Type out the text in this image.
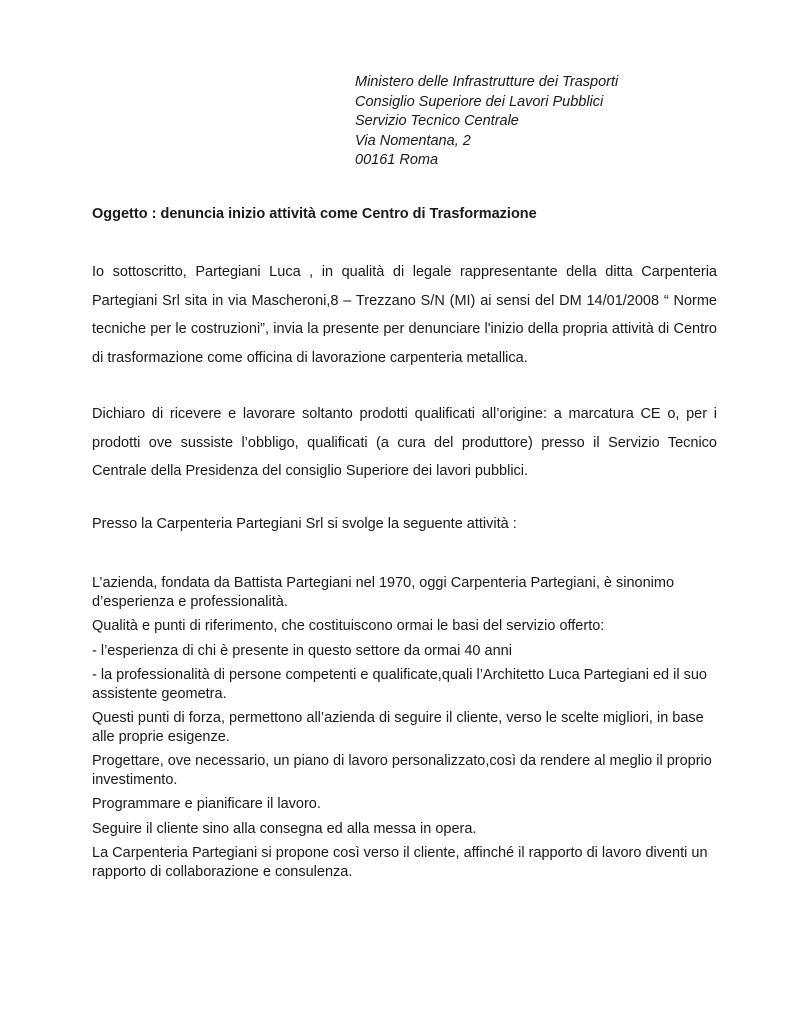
Ministero delle Infrastrutture dei Trasporti
Consiglio Superiore dei Lavori Pubblici
Servizio Tecnico Centrale
Via Nomentana, 2
00161 Roma
Oggetto : denuncia inizio attività come Centro di Trasformazione
Io sottoscritto, Partegiani Luca , in qualità di legale rappresentante della ditta Carpenteria Partegiani Srl sita in via Mascheroni,8 – Trezzano S/N (MI) ai sensi del DM 14/01/2008 “ Norme tecniche per le costruzioni”, invia la presente per denunciare l'inizio della propria attività di Centro di trasformazione come officina di lavorazione carpenteria metallica.
Dichiaro di ricevere e lavorare soltanto prodotti qualificati all’origine: a marcatura CE o, per i prodotti ove sussiste l’obbligo, qualificati (a cura del produttore) presso il Servizio Tecnico Centrale della Presidenza del consiglio Superiore dei lavori pubblici.
Presso la Carpenteria Partegiani Srl si svolge la seguente attività :

L’azienda, fondata da Battista Partegiani nel 1970, oggi Carpenteria Partegiani, è sinonimo d’esperienza e professionalità.

Qualità e punti di riferimento, che costituiscono ormai le basi del servizio offerto:

- l’esperienza di chi è presente in questo settore da ormai 40 anni

- la professionalità di persone competenti e qualificate,quali l’Architetto Luca Partegiani ed il suo assistente geometra.

Questi punti di forza, permettono all’azienda di seguire il cliente, verso le scelte migliori, in base alle proprie esigenze.

Progettare, ove necessario, un piano di lavoro personalizzato,così da rendere al meglio il proprio investimento.

Programmare e pianificare il lavoro.

Seguire il cliente sino alla consegna ed alla messa in opera.

La Carpenteria Partegiani si propone così verso il cliente, affinché il rapporto di lavoro diventi un rapporto di collaborazione e consulenza.
